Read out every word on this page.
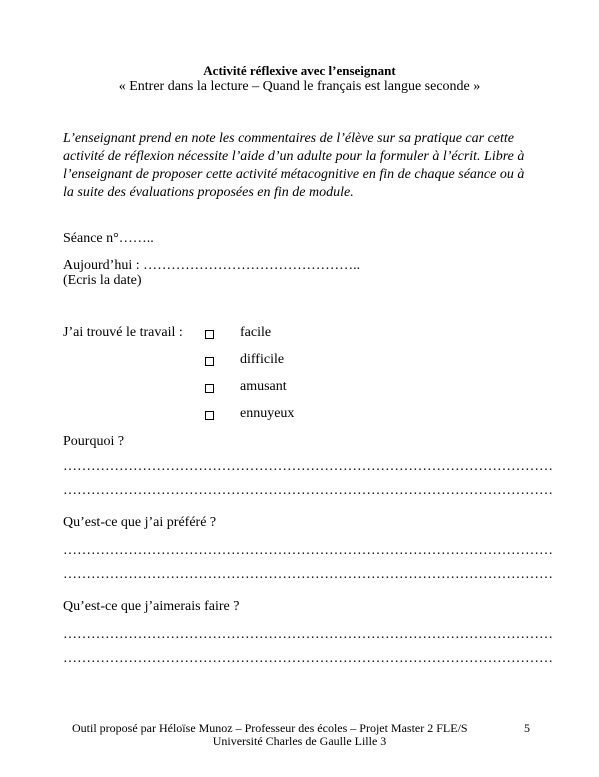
Activité réflexive avec l’enseignant
« Entrer dans la lecture – Quand le français est langue seconde »
L’enseignant prend en note les commentaires de l’élève sur sa pratique car cette
activité de réflexion nécessite l’aide d’un adulte pour la formuler à l’écrit. Libre à
l’enseignant de proposer cette activité métacognitive en fin de chaque séance ou à
la suite des évaluations proposées en fin de module.
Séance n°……..
Aujourd’hui : ………………………………………..
(Ecris la date)
J’ai trouvé le travail :	facile
difficile
amusant
ennuyeux
Pourquoi ?
……………………………………………………………………………………………
……………………………………………………………………………………………
Qu’est-ce que j’ai préféré ?
……………………………………………………………………………………………
……………………………………………………………………………………………
Qu’est-ce que j’aimerais faire ?
……………………………………………………………………………………………
……………………………………………………………………………………………
Outil proposé par Héloïse Munoz – Professeur des écoles – Projet Master 2 FLE/S
Université Charles de Gaulle Lille 3
5
